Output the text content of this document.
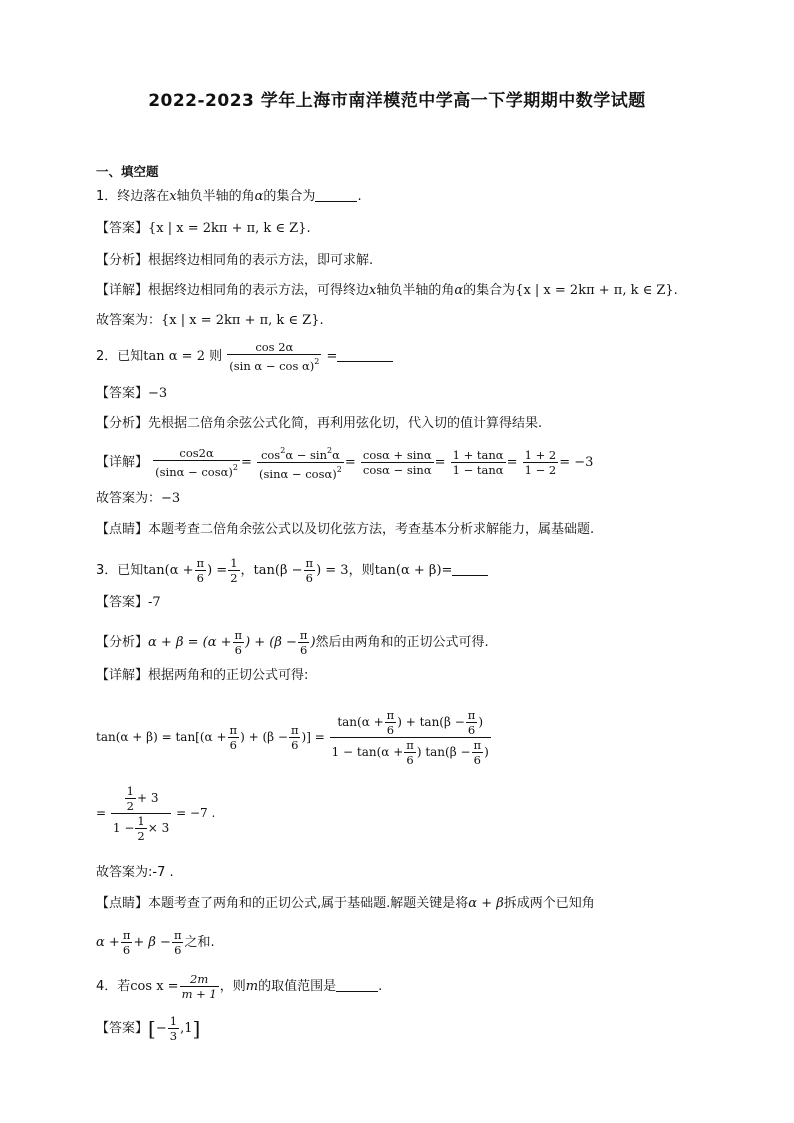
2022-2023 学年上海市南洋模范中学高一下学期期中数学试题
一、填空题
1．终边落在x轴负半轴的角α的集合为	.
【答案】{x | x = 2kπ + π, k ∈ Z}.
【分析】根据终边相同角的表示方法，即可求解.
【详解】根据终边相同角的表示方法，可得终边x轴负半轴的角α的集合为{x | x = 2kπ + π, k ∈ Z}.
故答案为：{x | x = 2kπ + π, k ∈ Z}.
2．已知tan α = 2 则 $\frac{\cos 2\alpha}{(\sin \alpha - \cos \alpha)^2}$ =
【答案】−3
【分析】先根据二倍角余弦公式化简，再利用弦化切，代入切的值计算得结果.
【详解】 $\frac{\cos 2\alpha}{(\sin\alpha - \cos\alpha)^2} = \frac{\cos^2\alpha - \sin^2\alpha}{(\sin\alpha - \cos\alpha)^2} = \frac{\cos\alpha + \sin\alpha}{\cos\alpha - \sin\alpha} = \frac{1 + \tan\alpha}{1 - \tan\alpha} = \frac{1 + 2}{1 - 2} = -3$
故答案为：−3
【点睛】本题考查二倍角余弦公式以及切化弦方法，考查基本分析求解能力，属基础题.
3．已知$\tan(\alpha + \frac{\pi}{6}$ ) = $\frac{1}{2}$ ，$\tan(\beta - \frac{\pi}{6}$ ) = 3，则tan(α + β)=
【答案】-7
【分析】$\alpha + \beta = (\alpha + \frac{\pi}{6}$ ) + ($\beta - \frac{\pi}{6}$ )然后由两角和的正切公式可得.
【详解】根据两角和的正切公式可得:
$\tan(\alpha + \beta) = \tan[(\alpha + \frac{\pi}{6}$ ) + ($\beta - \frac{\pi}{6}$ )] = $\frac{\tan(\alpha + \frac{\pi}{6} ) + \tan(\beta - \frac{\pi}{6} )}{1 - \tan(\alpha + \frac{\pi}{6} ) \tan(\beta - \frac{\pi}{6} )}$
= $\frac{\frac{1}{2} + 3}{1 - \frac{1}{2} \times 3} = -7$ .
故答案为:-7 .
【点睛】本题考查了两角和的正切公式,属于基础题.解题关键是将α + β拆成两个已知角
$\alpha + \frac{\pi}{6} + \beta - \frac{\pi}{6}$ 之和.
4．若$\cos x = \frac{2m}{m + 1}$ ，则m的取值范围是	.
【答案】[− $\frac{1}{3} ,1$]
